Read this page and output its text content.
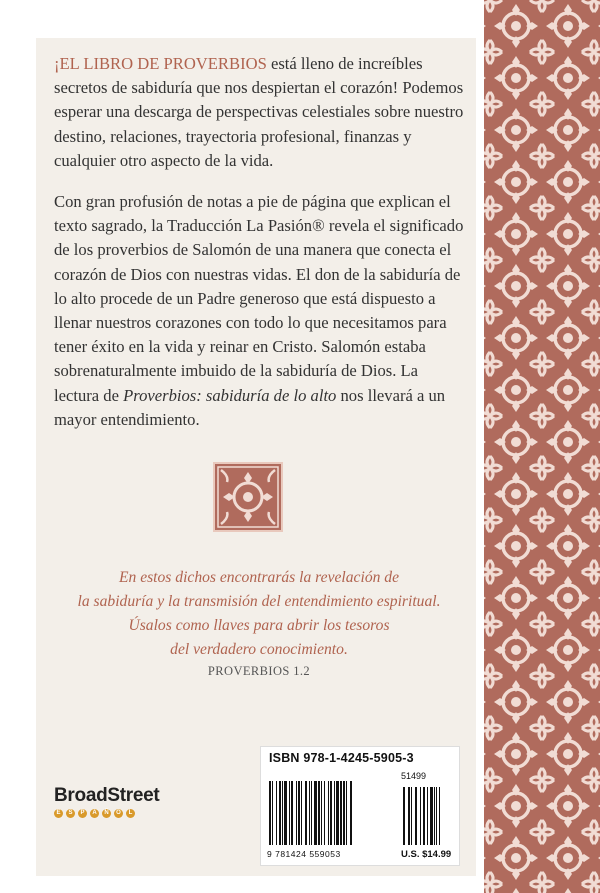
¡EL LIBRO DE PROVERBIOS está lleno de increíbles secretos de sabiduría que nos despiertan el corazón! Podemos esperar una descarga de perspectivas celestiales sobre nuestro destino, relaciones, trayectoria profesional, finanzas y cualquier otro aspecto de la vida.

Con gran profusión de notas a pie de página que explican el texto sagrado, la Traducción La Pasión® revela el significado de los proverbios de Salomón de una manera que conecta el corazón de Dios con nuestras vidas. El don de la sabiduría de lo alto procede de un Padre generoso que está dispuesto a llenar nuestros corazones con todo lo que necesitamos para tener éxito en la vida y reinar en Cristo. Salomón estaba sobrenaturalmente imbuido de la sabiduría de Dios. La lectura de Proverbios: sabiduría de lo alto nos llevará a un mayor entendimiento.

En estos dichos encontrarás la revelación de
la sabiduría y la transmisión del entendimiento espiritual.
Úsalos como llaves para abrir los tesoros
del verdadero conocimiento.
PROVERBIOS 1.2
BroadStreet
E	S	P	A	Ñ	O	L
ISBN 978-1-4245-5905-3
51499
9 781424 559053	U.S. $14.99
